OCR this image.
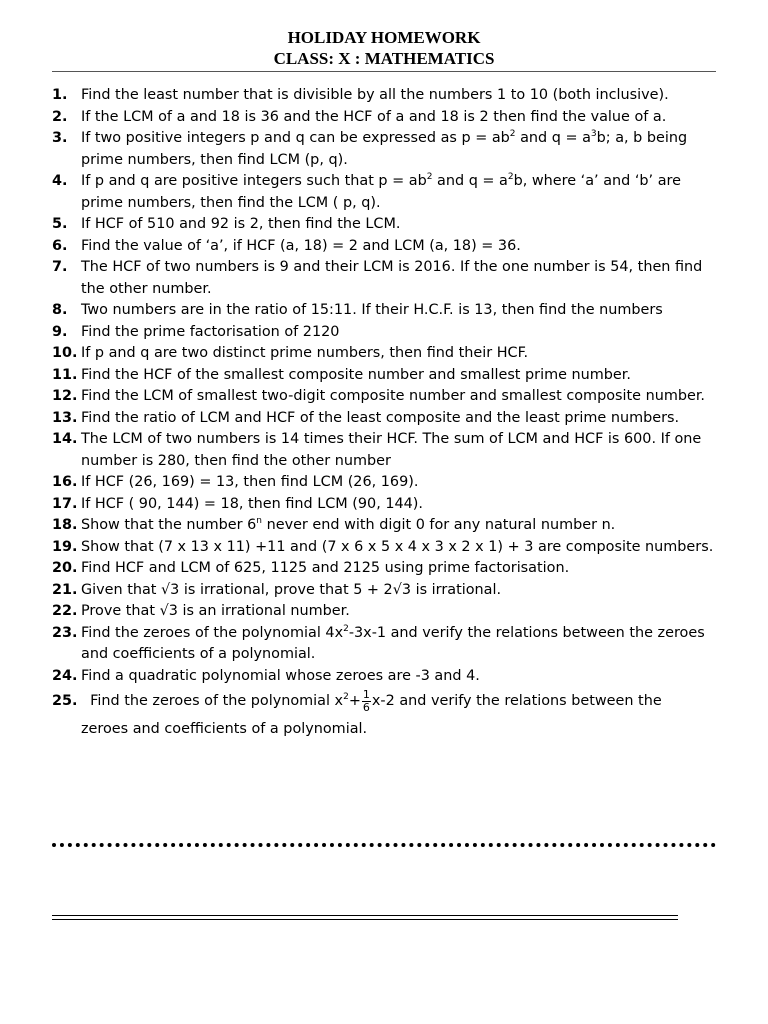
HOLIDAY HOMEWORK
CLASS: X : MATHEMATICS
1. Find the least number that is divisible by all the numbers 1 to 10 (both inclusive).
2. If the LCM of a and 18 is 36 and the HCF of a and 18 is 2 then find the value of a.
3. If two positive integers p and q can be expressed as $p = ab^2$ and $q = a^3b$; a, b being prime numbers, then find LCM (p, q).
4. If p and q are positive integers such that $p = ab^2$ and $q = a^2b$, where ‘a’ and ‘b’ are prime numbers, then find the LCM ( p, q).
5. If HCF of 510 and 92 is 2, then find the LCM.
6. Find the value of ‘a’, if HCF (a, 18) = 2 and LCM (a, 18) = 36.
7. The HCF of two numbers is 9 and their LCM is 2016. If the one number is 54, then find the other number.
8. Two numbers are in the ratio of 15:11. If their H.C.F. is 13, then find the numbers
9. Find the prime factorisation of 2120
10. If p and q are two distinct prime numbers, then find their HCF.
11. Find the HCF of the smallest composite number and smallest prime number.
12. Find the LCM of smallest two-digit composite number and smallest composite number.
13. Find the ratio of LCM and HCF of the least composite and the least prime numbers.
14. The LCM of two numbers is 14 times their HCF. The sum of LCM and HCF is 600. If one number is 280, then find the other number
16. If HCF (26, 169) = 13, then find LCM (26, 169).
17. If HCF ( 90, 144) = 18, then find LCM (90, 144).
18. Show that the number 6$^n$ never end with digit 0 for any natural number n.
19. Show that (7 x 13 x 11) +11 and (7 x 6 x 5 x 4 x 3 x 2 x 1) + 3 are composite numbers.
20. Find HCF and LCM of 625, 1125 and 2125 using prime factorisation.
21. Given that √3 is irrational, prove that 5 + 2√3 is irrational.
22. Prove that √3 is an irrational number.
23. Find the zeroes of the polynomial $4x^2-3x-1$ and verify the relations between the zeroes and coefficients of a polynomial.
24. Find a quadratic polynomial whose zeroes are -3 and 4.
25. Find the zeroes of the polynomial $x^2+ \frac{1}{6} x-2$ and verify the relations between the
zeroes and coefficients of a polynomial.
